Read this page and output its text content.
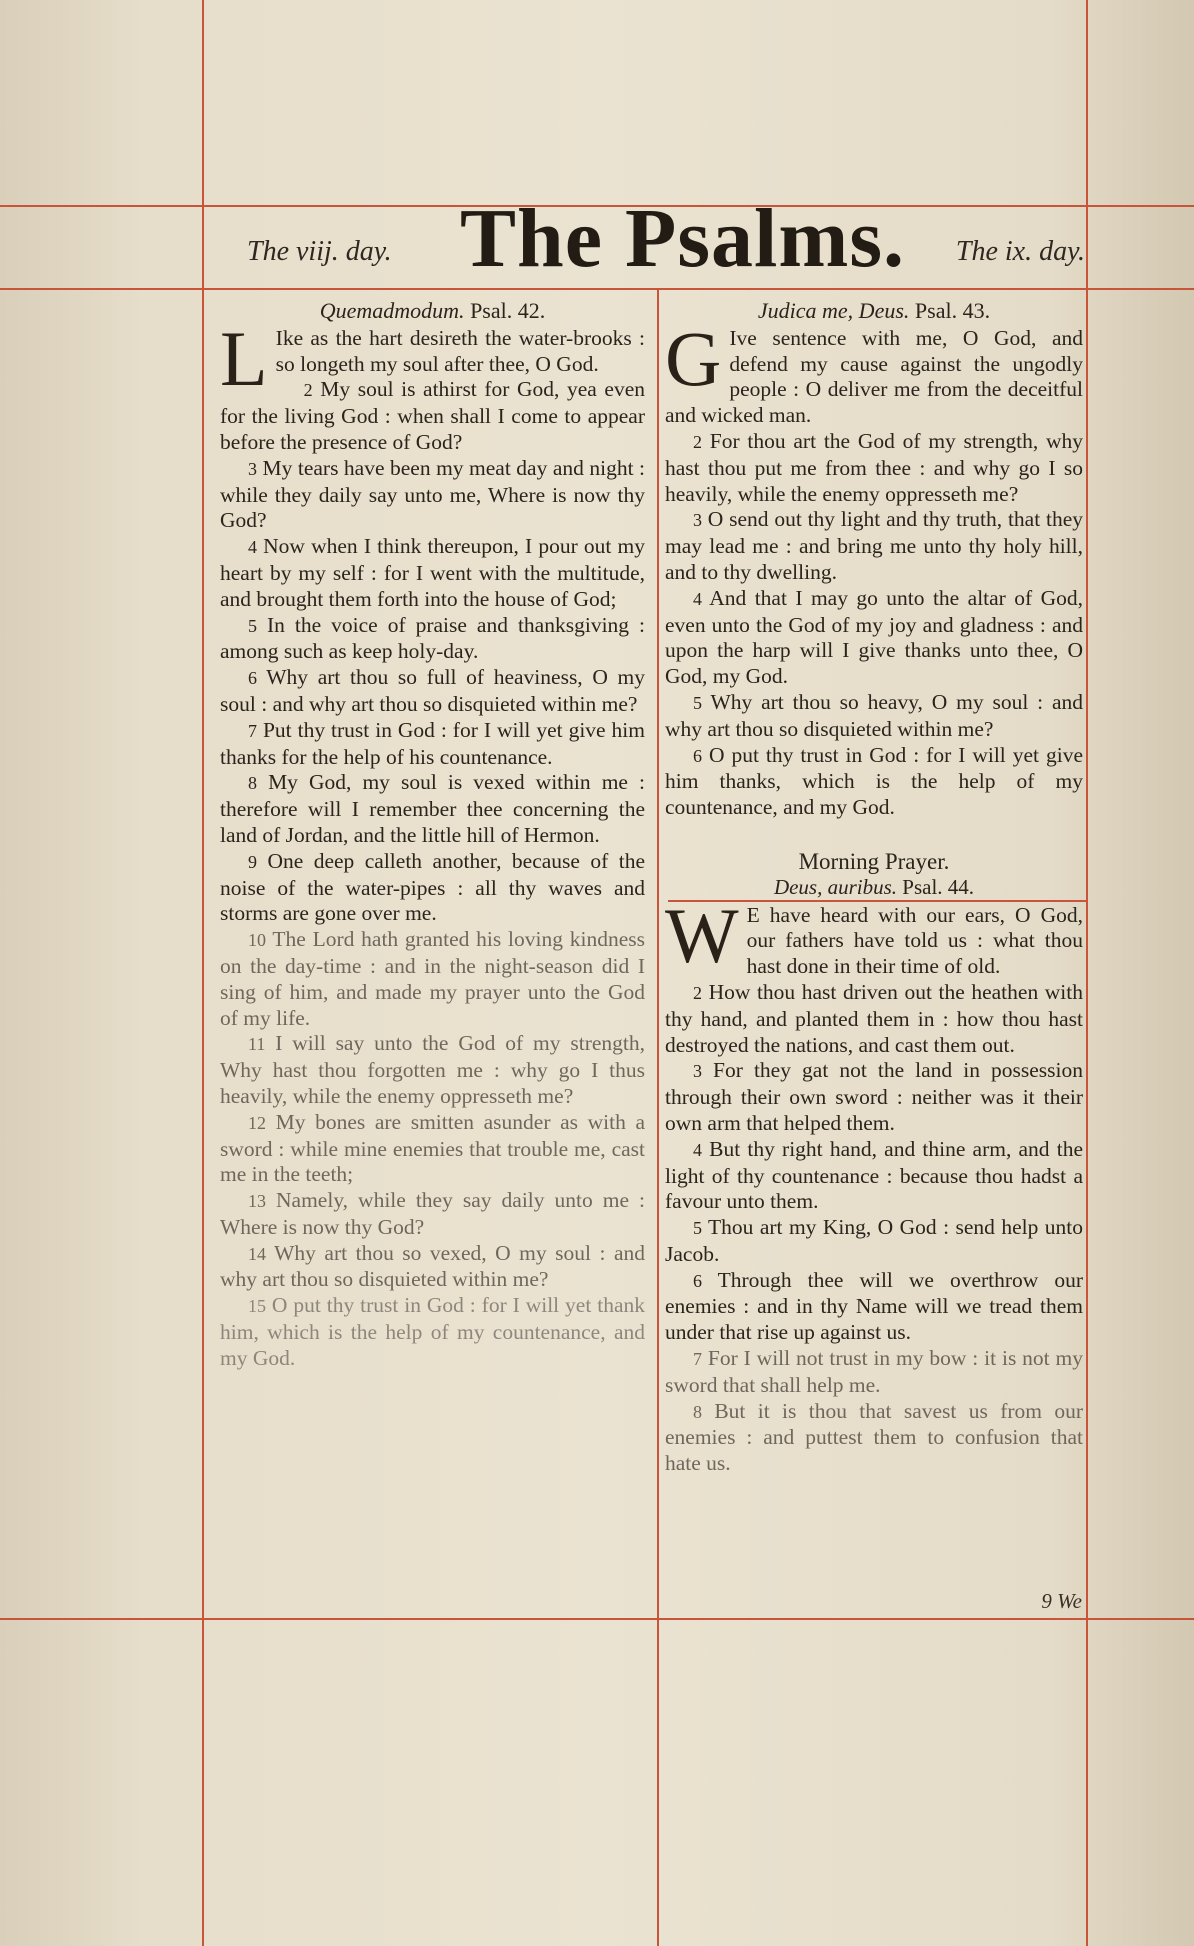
The viij. day. The Psalms. The ix. day.
Quemadmodum. Psal. 42.

L Ike as the hart desireth the water-brooks : so longeth my soul after thee, O God.

2 My soul is athirst for God, yea even for the living God : when shall I come to appear before the presence of God?

3 My tears have been my meat day and night : while they daily say unto me, Where is now thy God?

4 Now when I think thereupon, I pour out my heart by my self : for I went with the multitude, and brought them forth into the house of God;

5 In the voice of praise and thanksgiving : among such as keep holy-day.

6 Why art thou so full of heaviness, O my soul : and why art thou so disquieted within me?

7 Put thy trust in God : for I will yet give him thanks for the help of his countenance.

8 My God, my soul is vexed within me : therefore will I remember thee concerning the land of Jordan, and the little hill of Hermon.

9 One deep calleth another, because of the noise of the water-pipes : all thy waves and storms are gone over me.

10 The Lord hath granted his loving kindness on the day-time : and in the night-season did I sing of him, and made my prayer unto the God of my life.

11 I will say unto the God of my strength, Why hast thou forgotten me : why go I thus heavily, while the enemy oppresseth me?

12 My bones are smitten asunder as with a sword : while mine enemies that trouble me, cast me in the teeth;

13 Namely, while they say daily unto me : Where is now thy God?

14 Why art thou so vexed, O my soul : and why art thou so disquieted within me?

15 O put thy trust in God : for I will yet thank him, which is the help of my countenance, and my God.

Judica me, Deus. Psal. 43.

G Ive sentence with me, O God, and defend my cause against the ungodly people : O deliver me from the deceitful and wicked man.

2 For thou art the God of my strength, why hast thou put me from thee : and why go I so heavily, while the enemy oppresseth me?

3 O send out thy light and thy truth, that they may lead me : and bring me unto thy holy hill, and to thy dwelling.

4 And that I may go unto the altar of God, even unto the God of my joy and gladness : and upon the harp will I give thanks unto thee, O God, my God.

5 Why art thou so heavy, O my soul : and why art thou so disquieted within me?

6 O put thy trust in God : for I will yet give him thanks, which is the help of my countenance, and my God.

Morning Prayer.
Deus, auribus. Psal. 44.

W E have heard with our ears, O God, our fathers have told us : what thou hast done in their time of old.

2 How thou hast driven out the heathen with thy hand, and planted them in : how thou hast destroyed the nations, and cast them out.

3 For they gat not the land in possession through their own sword : neither was it their own arm that helped them.

4 But thy right hand, and thine arm, and the light of thy countenance : because thou hadst a favour unto them.

5 Thou art my King, O God : send help unto Jacob.

6 Through thee will we overthrow our enemies : and in thy Name will we tread them under that rise up against us.

7 For I will not trust in my bow : it is not my sword that shall help me.

8 But it is thou that savest us from our enemies : and puttest them to confusion that hate us.

9 We
